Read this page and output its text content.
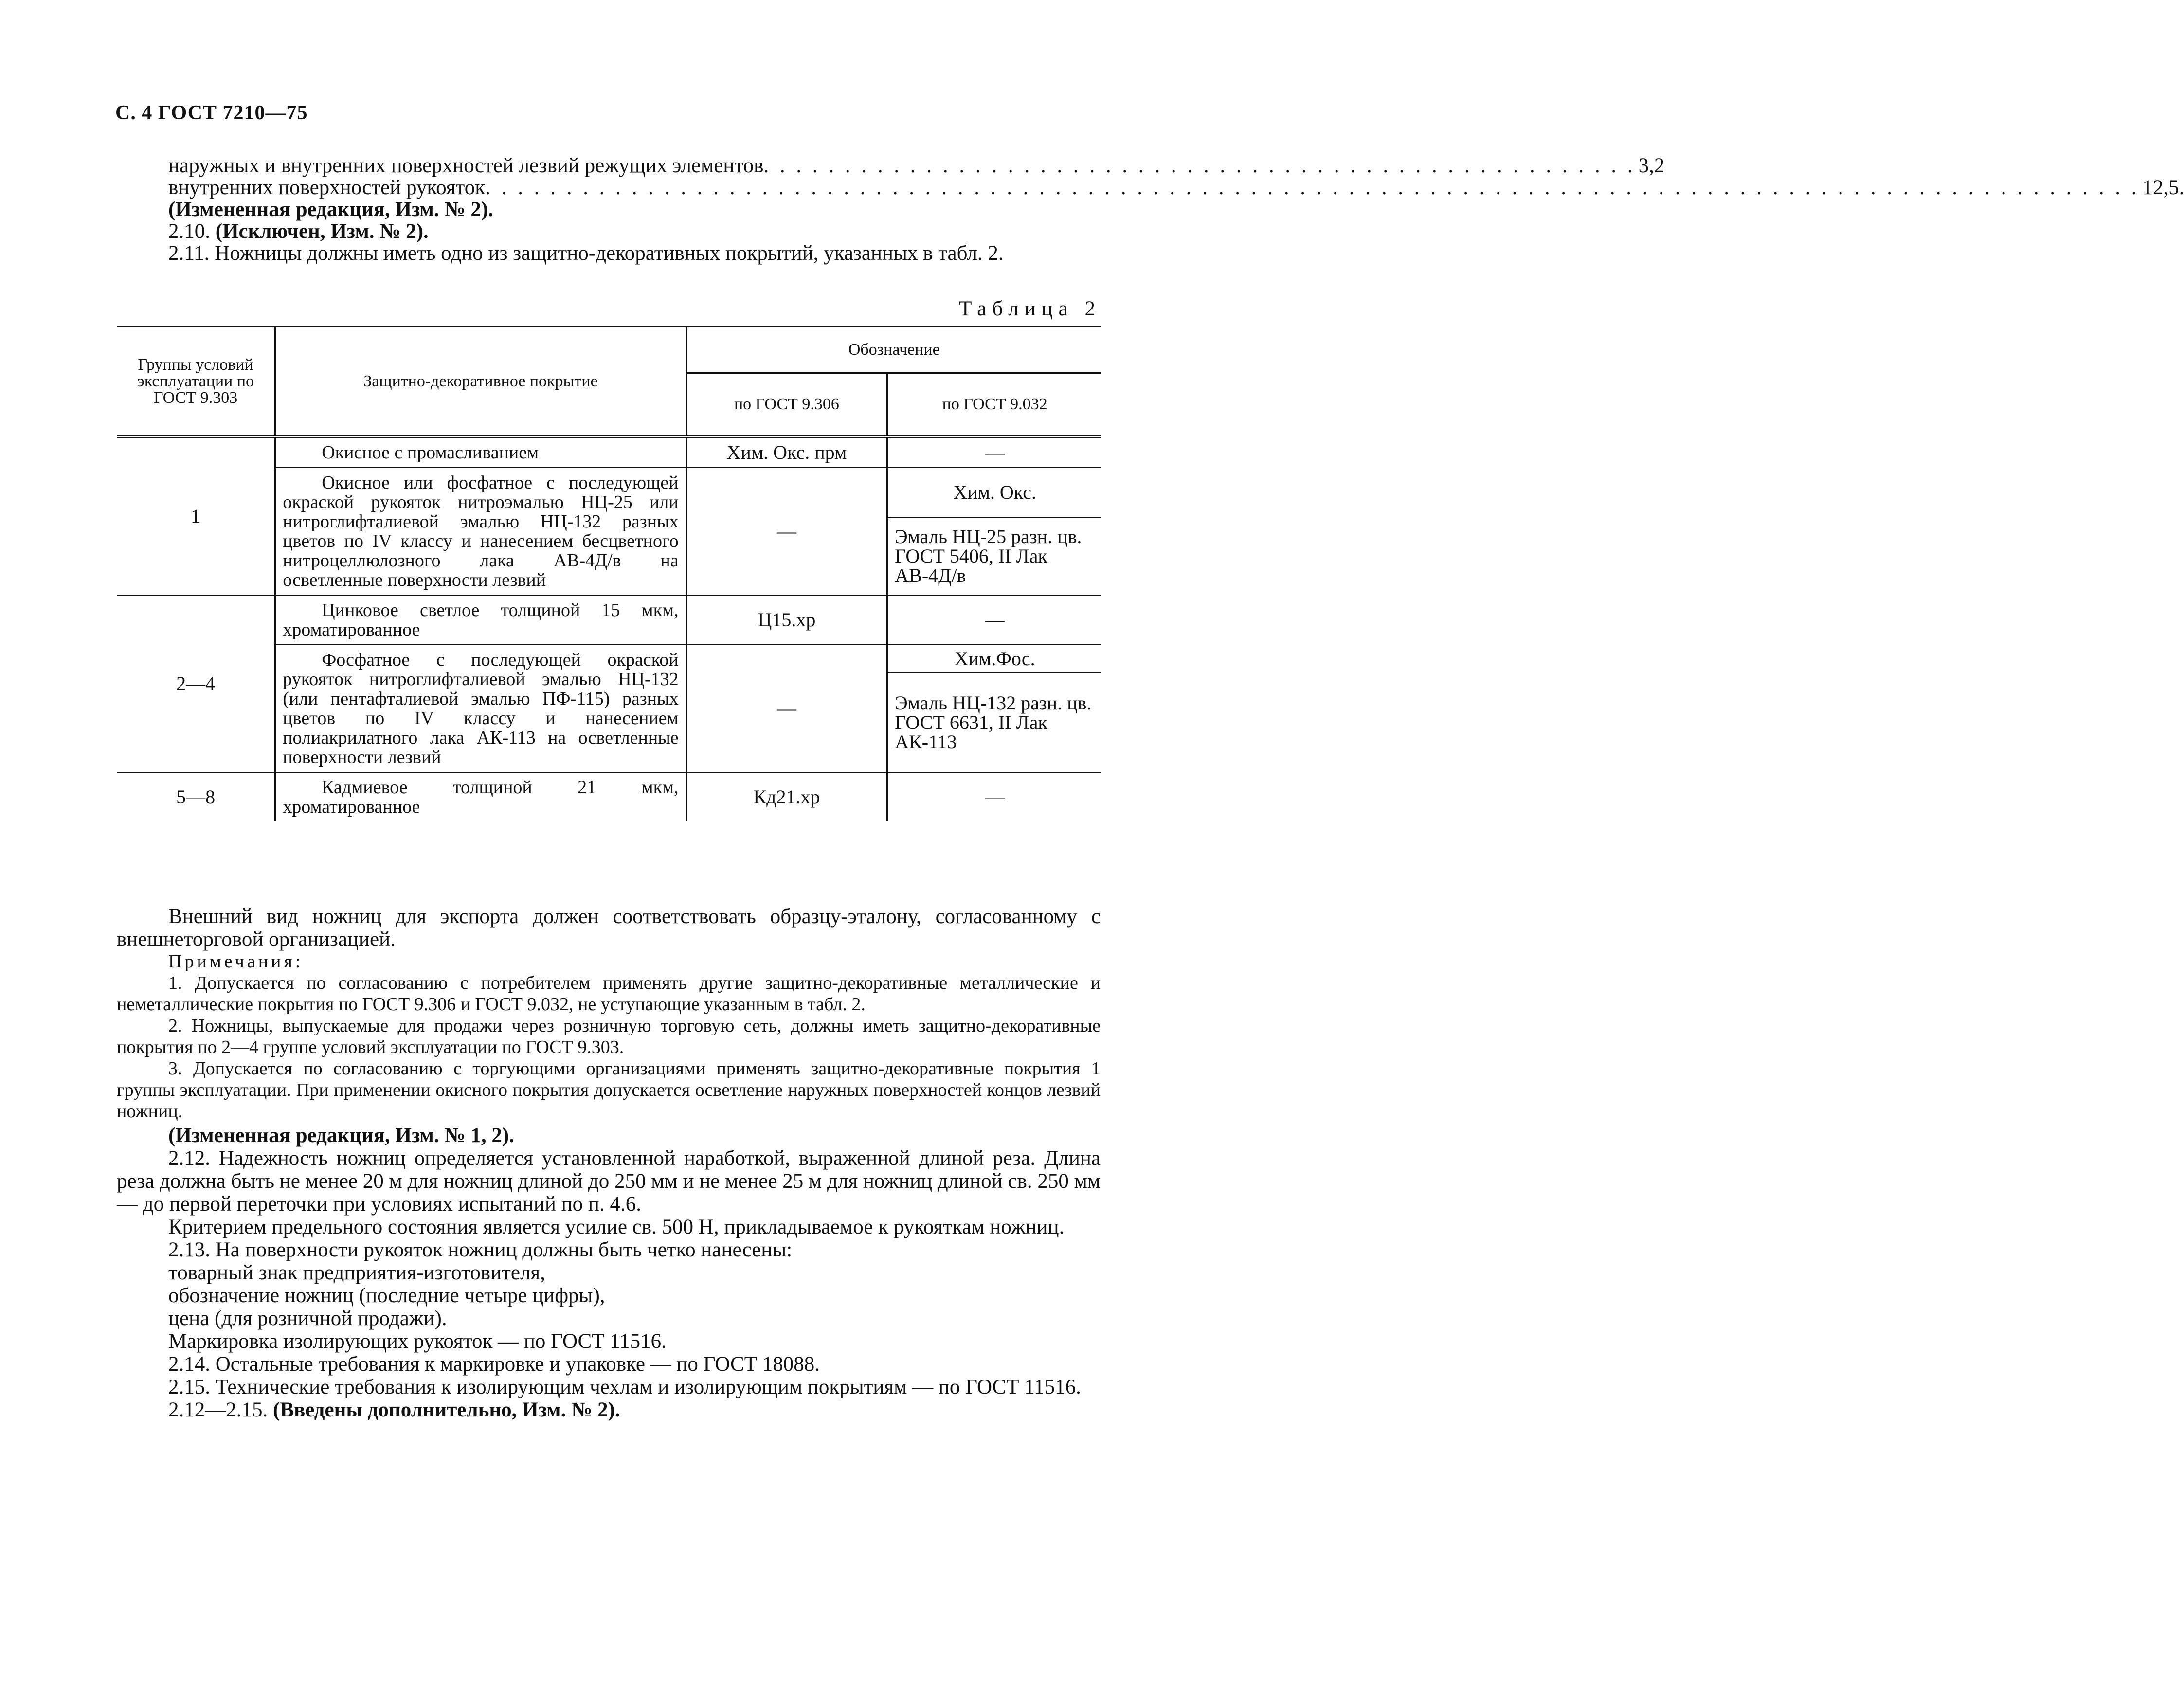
С. 4 ГОСТ 7210—75
наружных и внутренних поверхностей лезвий режущих элементов . . . . . . . . . . . . . . . . . . . . . . . . . . . . . . . . . . . . . . . . . . . . . . . . . . . . . . 3,2
внутренних поверхностей рукояток . . . . . . . . . . . . . . . . . . . . . . . . . . . . . . . . . . . . . . . . . . . . . . . . . . . . . . . . . . . . . . . . . . . . . . . . . . . . . . . . . . . . . . . . . . . . . . . . . . . . . . 12,5.

(Измененная редакция, Изм. № 2).

2.10. (Исключен, Изм. № 2).

2.11. Ножницы должны иметь одно из защитно-декоративных покрытий, указанных в табл. 2.

Таблица 2
Группы условий эксплуатации по ГОСТ 9.303	Защитно-декоративное покрытие	Обозначение	
		по ГОСТ 9.306	по ГОСТ 9.032
1	Окисное с промасливанием	Хим. Окс. прм	—

	Окисное или фосфатное с последующей окраской рукояток нитроэмалью НЦ-25 или нитроглифталиевой эмалью НЦ-132 разных цветов по IV классу и нанесением бесцветного нитроцеллюлозного лака АВ-4Д/в на осветленные поверхности лезвий	—	Хим. Окс.
			Эмаль НЦ-25 разн. цв. ГОСТ 5406, II Лак АВ-4Д/в
2—4	Цинковое светлое толщиной 15 мкм, хроматированное	Ц15.хр	—

	Фосфатное с последующей окраской рукояток нитроглифталиевой эмалью НЦ-132 (или пентафталиевой эмалью ПФ-115) разных цветов по IV классу и нанесением полиакрилатного лака АК-113 на осветленные поверхности лезвий	—	Хим.Фос.
			Эмаль НЦ-132 разн. цв. ГОСТ 6631, II Лак АК-113
5—8	Кадмиевое толщиной 21 мкм, хроматированное	Кд21.хр	—

Внешний вид ножниц для экспорта должен соответствовать образцу-эталону, согласованному с внешнеторговой организацией.

Примечания:

1. Допускается по согласованию с потребителем применять другие защитно-декоративные металлические и неметаллические покрытия по ГОСТ 9.306 и ГОСТ 9.032, не уступающие указанным в табл. 2.

2. Ножницы, выпускаемые для продажи через розничную торговую сеть, должны иметь защитно-декоративные покрытия по 2—4 группе условий эксплуатации по ГОСТ 9.303.

3. Допускается по согласованию с торгующими организациями применять защитно-декоративные покрытия 1 группы эксплуатации. При применении окисного покрытия допускается осветление наружных поверхностей концов лезвий ножниц.

(Измененная редакция, Изм. № 1, 2).

2.12. Надежность ножниц определяется установленной наработкой, выраженной длиной реза. Длина реза должна быть не менее 20 м для ножниц длиной до 250 мм и не менее 25 м для ножниц длиной св. 250 мм — до первой переточки при условиях испытаний по п. 4.6.

Критерием предельного состояния является усилие св. 500 Н, прикладываемое к рукояткам ножниц.

2.13. На поверхности рукояток ножниц должны быть четко нанесены:

товарный знак предприятия-изготовителя,

обозначение ножниц (последние четыре цифры),

цена (для розничной продажи).

Маркировка изолирующих рукояток — по ГОСТ 11516.

2.14. Остальные требования к маркировке и упаковке — по ГОСТ 18088.

2.15. Технические требования к изолирующим чехлам и изолирующим покрытиям — по ГОСТ 11516.

2.12—2.15. (Введены дополнительно, Изм. № 2).
